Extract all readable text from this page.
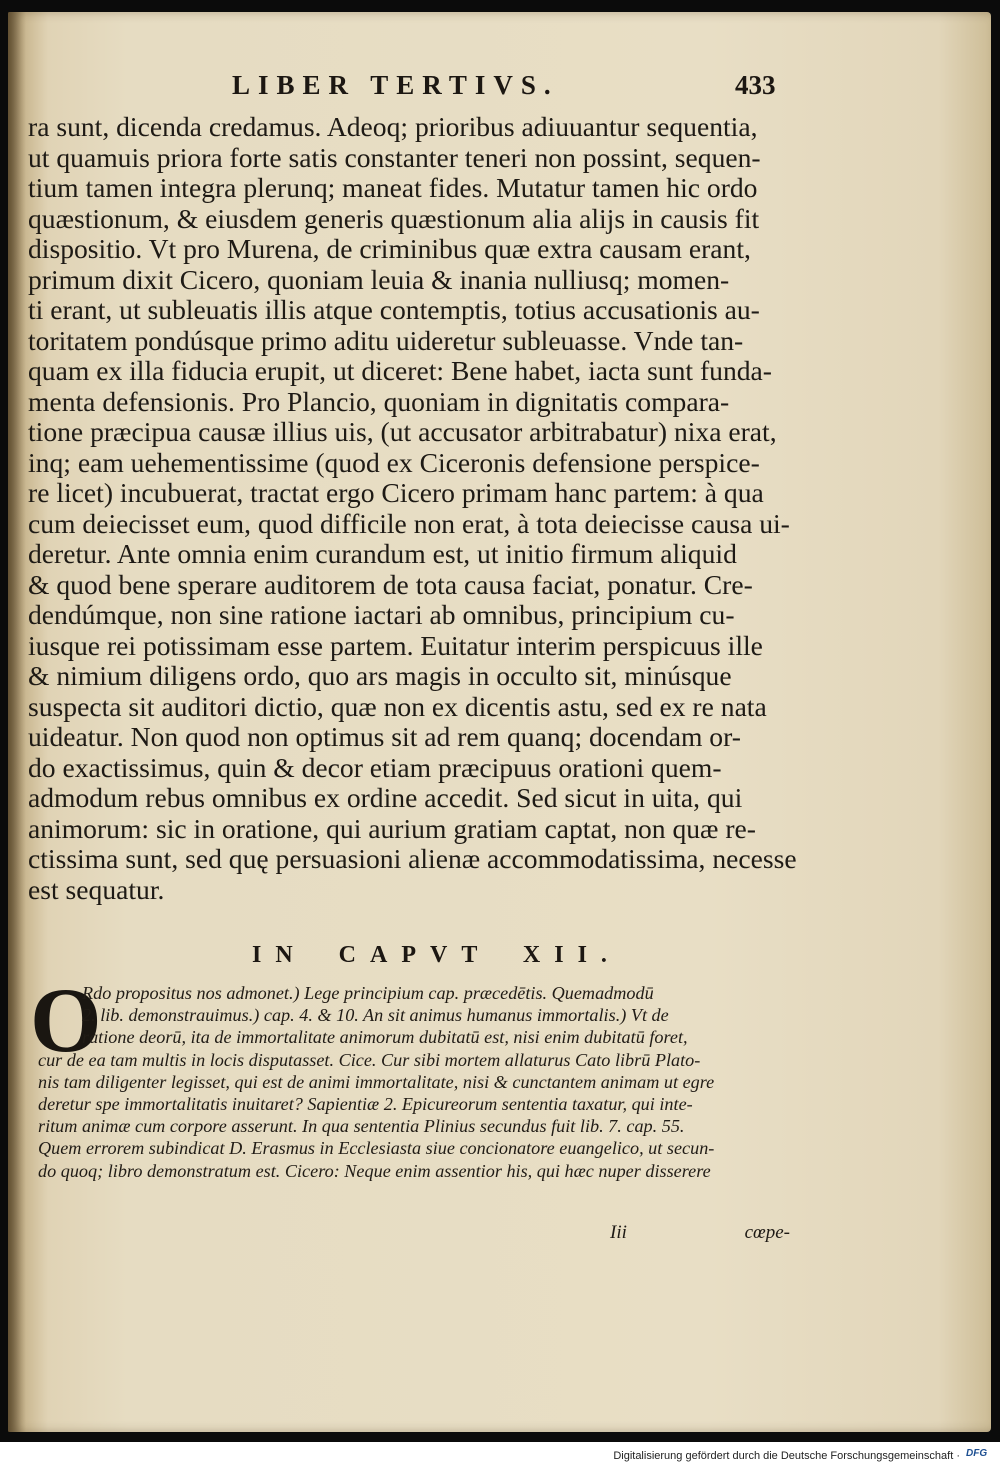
LIBER TERTIVS.	433
ra sunt, dicenda credamus. Adeoq; prioribus adiuuantur sequentia,
ut quamuis priora forte satis constanter teneri non possint, sequen-
tium tamen integra plerunq; maneat fides. Mutatur tamen hic ordo
quæstionum, & eiusdem generis quæstionum alia alijs in causis fit
dispositio. Vt pro Murena, de criminibus quæ extra causam erant,
primum dixit Cicero, quoniam leuia & inania nulliusq; momen-
ti erant, ut subleuatis illis atque contemptis, totius accusationis au-
toritatem pondúsque primo aditu uideretur subleuasse. Vnde tan-
quam ex illa fiducia erupit, ut diceret: Bene habet, iacta sunt funda-
menta defensionis. Pro Plancio, quoniam in dignitatis compara-
tione præcipua causæ illius uis, (ut accusator arbitrabatur) nixa erat,
inq; eam uehementissime (quod ex Ciceronis defensione perspice-
re licet) incubuerat, tractat ergo Cicero primam hanc partem: à qua
cum deiecisset eum, quod difficile non erat, à tota deiecisse causa ui-
deretur. Ante omnia enim curandum est, ut initio firmum aliquid
& quod bene sperare auditorem de tota causa faciat, ponatur. Cre-
dendúmque, non sine ratione iactari ab omnibus, principium cu-
iusque rei potissimam esse partem. Euitatur interim perspicuus ille
& nimium diligens ordo, quo ars magis in occulto sit, minúsque
suspecta sit auditori dictio, quæ non ex dicentis astu, sed ex re nata
uideatur. Non quod non optimus sit ad rem quanq; docendam or-
do exactissimus, quin & decor etiam præcipuus orationi quem-
admodum rebus omnibus ex ordine accedit. Sed sicut in uita, qui
animorum: sic in oratione, qui aurium gratiam captat, non quæ re-
ctissima sunt, sed quę persuasioni alienæ accommodatissima, necesse
est sequatur.
IN CAPVT XII.
O
Rdo propositus nos admonet.) Lege principium cap. præcedētis. Quemadmodū
2. lib. demonstrauimus.) cap. 4. & 10. An sit animus humanus immortalis.) Vt de
ratione deorū, ita de immortalitate animorum dubitatū est, nisi enim dubitatū foret,
cur de ea tam multis in locis disputasset. Cice. Cur sibi mortem allaturus Cato librū Plato-
nis tam diligenter legisset, qui est de animi immortalitate, nisi & cunctantem animam ut egre
deretur spe immortalitatis inuitaret? Sapientiæ 2. Epicureorum sententia taxatur, qui inte-
ritum animæ cum corpore asserunt. In qua sententia Plinius secundus fuit lib. 7. cap. 55.
Quem errorem subindicat D. Erasmus in Ecclesiasta siue concionatore euangelico, ut secun-
do quoq; libro demonstratum est. Cicero: Neque enim assentior his, qui hæc nuper disserere
Iii	cœpe-
Digitalisierung gefördert durch die Deutsche Forschungsgemeinschaft · DFG
